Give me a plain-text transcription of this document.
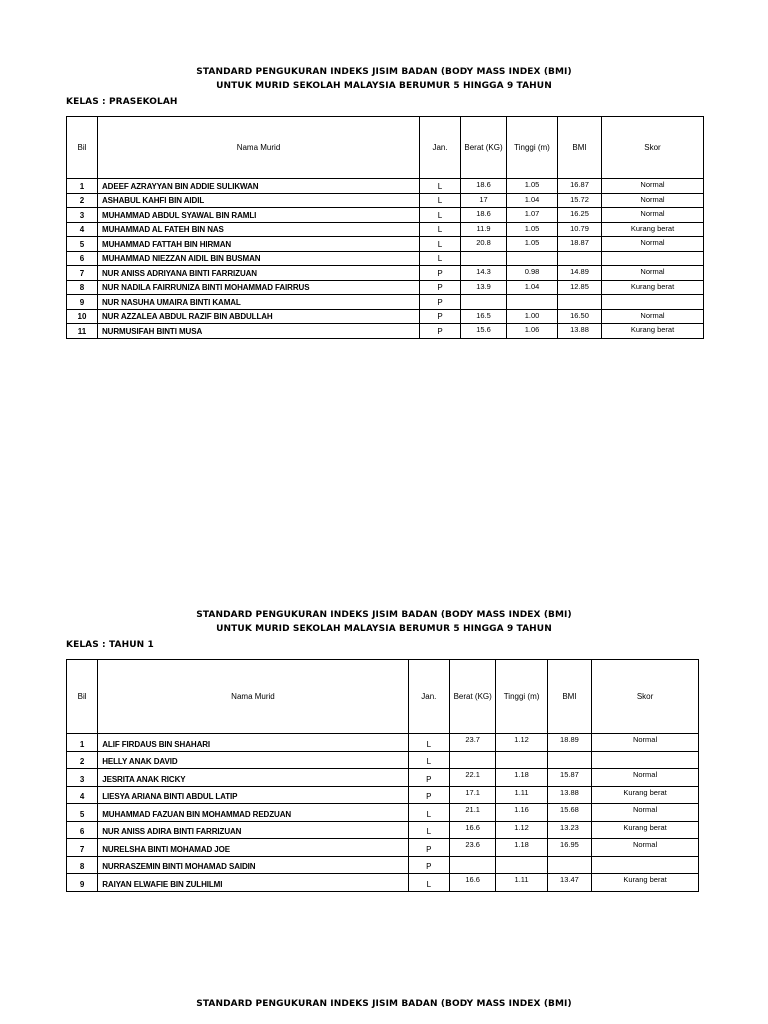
STANDARD PENGUKURAN INDEKS JISIM BADAN (BODY MASS INDEX (BMI)
UNTUK MURID SEKOLAH MALAYSIA BERUMUR 5 HINGGA 9 TAHUN
KELAS : PRASEKOLAH
Bil	Nama Murid	Jan.	Berat (KG)	Tinggi (m)	BMI	Skor
1	ADEEF AZRAYYAN BIN ADDIE SULIKWAN	L	18.6	1.05	16.87	Normal
2	ASHABUL KAHFI BIN AIDIL	L	17	1.04	15.72	Normal
3	MUHAMMAD ABDUL SYAWAL BIN RAMLI	L	18.6	1.07	16.25	Normal
4	MUHAMMAD AL FATEH BIN NAS	L	11.9	1.05	10.79	Kurang berat
5	MUHAMMAD FATTAH BIN HIRMAN	L	20.8	1.05	18.87	Normal
6	MUHAMMAD NIEZZAN AIDIL BIN BUSMAN	L				
7	NUR ANISS ADRIYANA BINTI FARRIZUAN	P	14.3	0.98	14.89	Normal
8	NUR NADILA FAIRRUNIZA BINTI MOHAMMAD FAIRRUS	P	13.9	1.04	12.85	Kurang berat
9	NUR NASUHA UMAIRA BINTI KAMAL	P				
10	NUR AZZALEA ABDUL RAZIF BIN ABDULLAH	P	16.5	1.00	16.50	Normal
11	NURMUSIFAH BINTI MUSA	P	15.6	1.06	13.88	Kurang berat
STANDARD PENGUKURAN INDEKS JISIM BADAN (BODY MASS INDEX (BMI)
UNTUK MURID SEKOLAH MALAYSIA BERUMUR 5 HINGGA 9 TAHUN
KELAS : TAHUN 1
Bil	Nama Murid	Jan.	Berat (KG)	Tinggi (m)	BMI	Skor
1	ALIF FIRDAUS BIN SHAHARI	L	23.7	1.12	18.89	Normal
2	HELLY ANAK DAVID	L				
3	JESRITA ANAK RICKY	P	22.1	1.18	15.87	Normal
4	LIESYA ARIANA BINTI ABDUL LATIP	P	17.1	1.11	13.88	Kurang berat
5	MUHAMMAD FAZUAN BIN MOHAMMAD REDZUAN	L	21.1	1.16	15.68	Normal
6	NUR ANISS ADIRA BINTI FARRIZUAN	L	16.6	1.12	13.23	Kurang berat
7	NURELSHA BINTI MOHAMAD JOE	P	23.6	1.18	16.95	Normal
8	NURRASZEMIN BINTI MOHAMAD SAIDIN	P				
9	RAIYAN ELWAFIE BIN ZULHILMI	L	16.6	1.11	13.47	Kurang berat
STANDARD PENGUKURAN INDEKS JISIM BADAN (BODY MASS INDEX (BMI)
